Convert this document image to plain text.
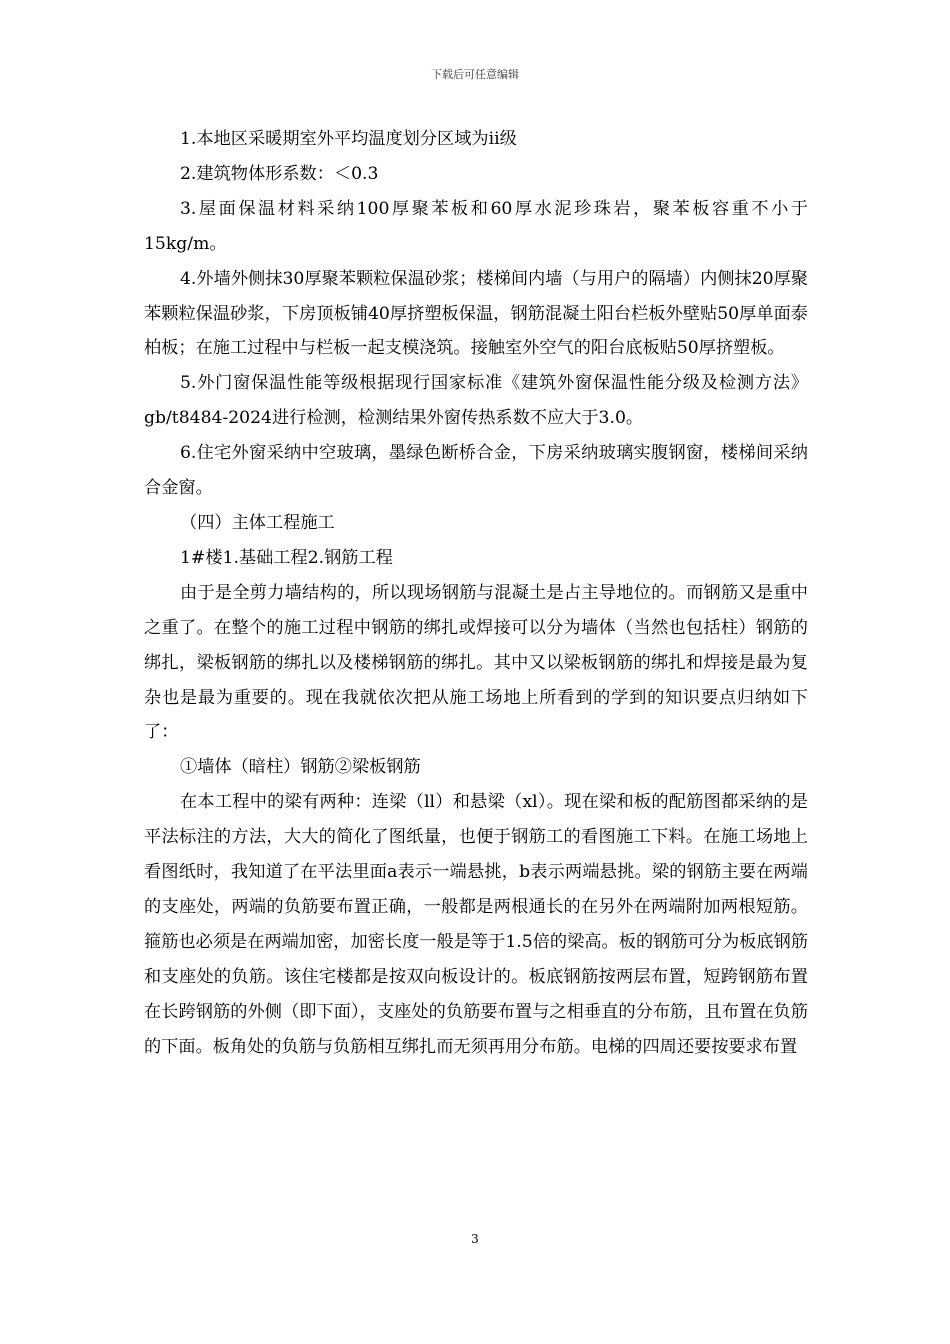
下载后可任意编辑

1.本地区采暖期室外平均温度划分区域为ii级

2.建筑物体形系数：＜0.3

3.屋面保温材料采纳100厚聚苯板和60厚水泥珍珠岩，聚苯板容重不小于15kg/m。

4.外墙外侧抹30厚聚苯颗粒保温砂浆；楼梯间内墙（与用户的隔墙）内侧抹20厚聚苯颗粒保温砂浆，下房顶板铺40厚挤塑板保温，钢筋混凝土阳台栏板外壁贴50厚单面泰柏板；在施工过程中与栏板一起支模浇筑。接触室外空气的阳台底板贴50厚挤塑板。

5.外门窗保温性能等级根据现行国家标准《建筑外窗保温性能分级及检测方法》gb/t8484-2024进行检测，检测结果外窗传热系数不应大于3.0。

6.住宅外窗采纳中空玻璃，墨绿色断桥合金，下房采纳玻璃实腹钢窗，楼梯间采纳合金窗。

（四）主体工程施工

1#楼1.基础工程2.钢筋工程

由于是全剪力墙结构的，所以现场钢筋与混凝土是占主导地位的。而钢筋又是重中之重了。在整个的施工过程中钢筋的绑扎或焊接可以分为墙体（当然也包括柱）钢筋的绑扎，梁板钢筋的绑扎以及楼梯钢筋的绑扎。其中又以梁板钢筋的绑扎和焊接是最为复杂也是最为重要的。现在我就依次把从施工场地上所看到的学到的知识要点归纳如下了：

①墙体（暗柱）钢筋②梁板钢筋

在本工程中的梁有两种：连梁（ll）和悬梁（xl）。现在梁和板的配筋图都采纳的是平法标注的方法，大大的简化了图纸量，也便于钢筋工的看图施工下料。在施工场地上看图纸时，我知道了在平法里面a表示一端悬挑，b表示两端悬挑。梁的钢筋主要在两端的支座处，两端的负筋要布置正确，一般都是两根通长的在另外在两端附加两根短筋。箍筋也必须是在两端加密，加密长度一般是等于1.5倍的梁高。板的钢筋可分为板底钢筋和支座处的负筋。该住宅楼都是按双向板设计的。板底钢筋按两层布置，短跨钢筋布置在长跨钢筋的外侧（即下面），支座处的负筋要布置与之相垂直的分布筋，且布置在负筋的下面。板角处的负筋与负筋相互绑扎而无须再用分布筋。电梯的四周还要按要求布置

3
